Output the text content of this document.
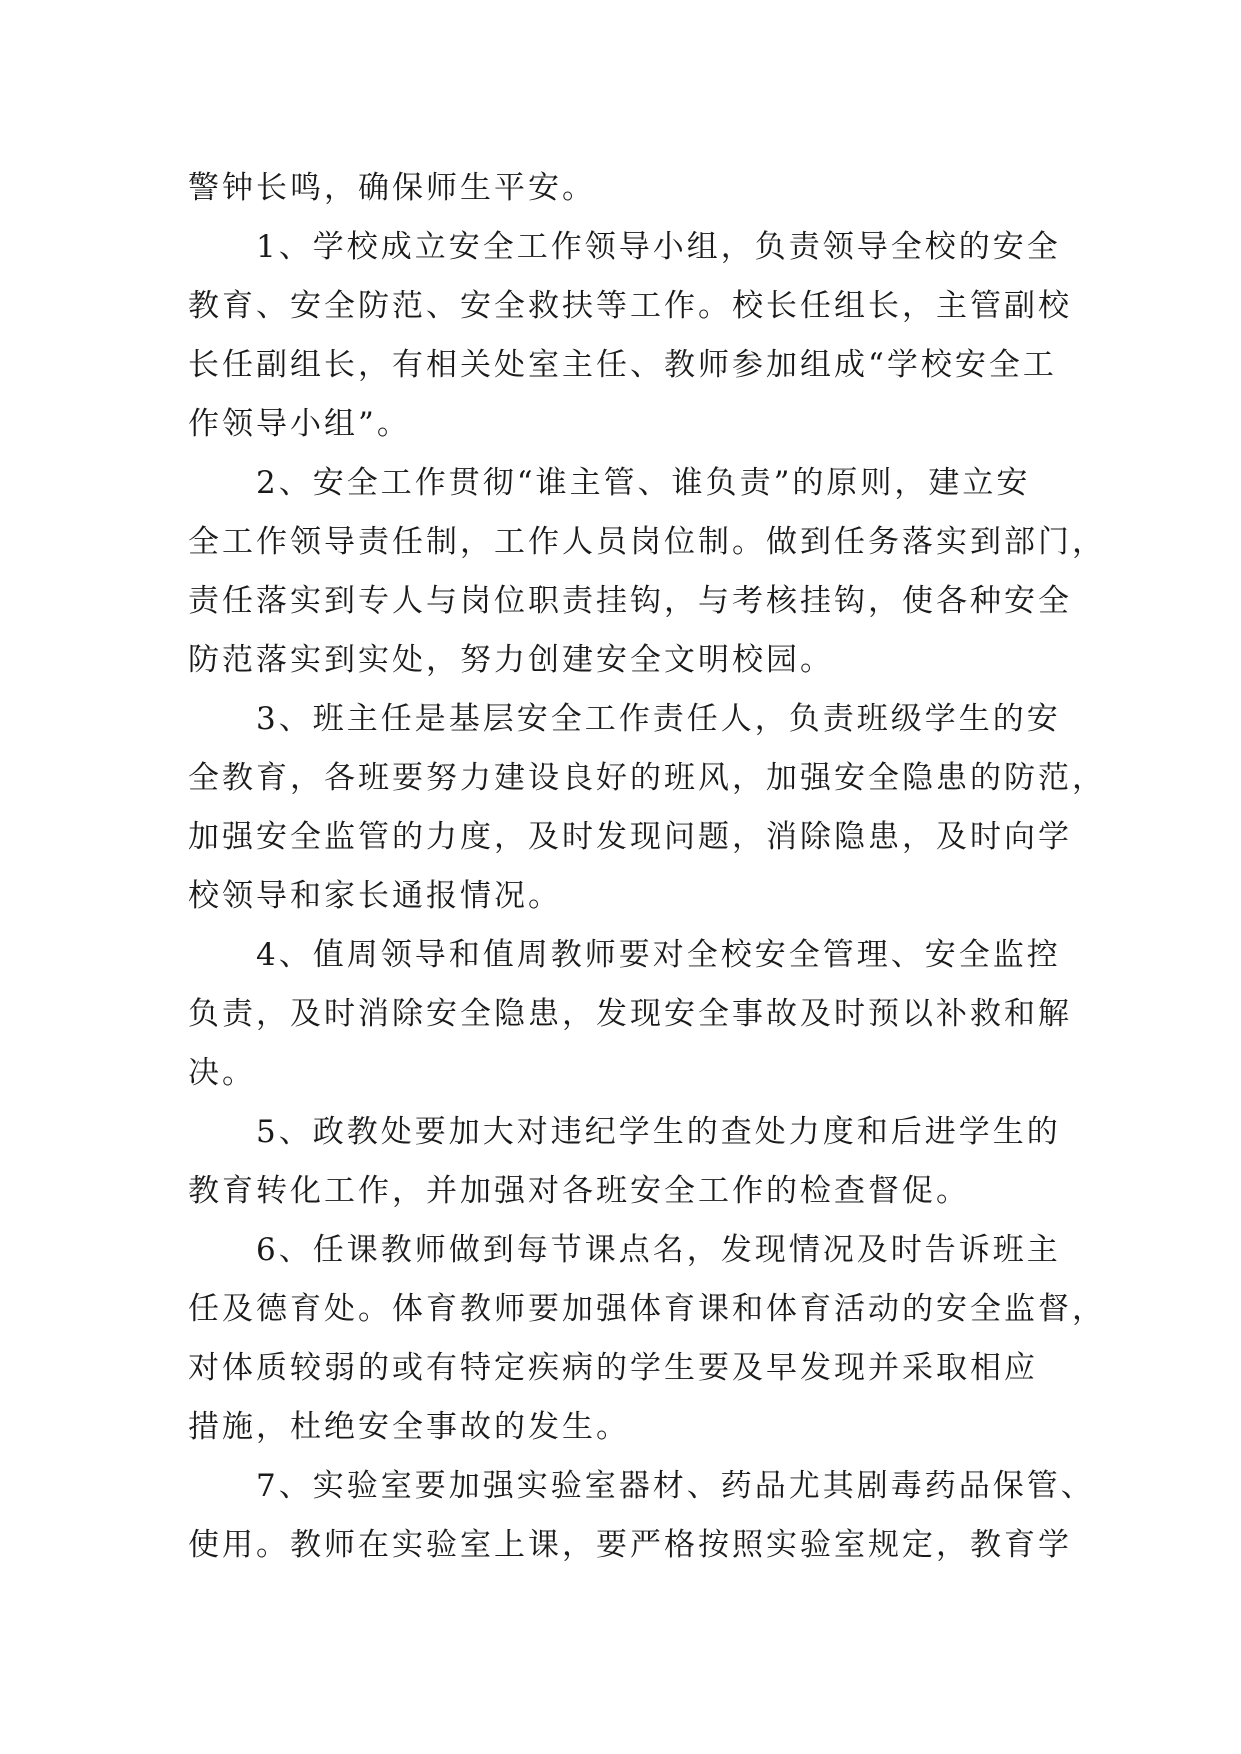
警钟长鸣，确保师生平安。
　　1、学校成立安全工作领导小组，负责领导全校的安全
教育、安全防范、安全救扶等工作。校长任组长，主管副校
长任副组长，有相关处室主任、教师参加组成“学校安全工
作领导小组”。
　　2、安全工作贯彻“谁主管、谁负责”的原则，建立安
全工作领导责任制，工作人员岗位制。做到任务落实到部门，
责任落实到专人与岗位职责挂钩，与考核挂钩，使各种安全
防范落实到实处，努力创建安全文明校园。
　　3、班主任是基层安全工作责任人，负责班级学生的安
全教育，各班要努力建设良好的班风，加强安全隐患的防范，
加强安全监管的力度，及时发现问题，消除隐患，及时向学
校领导和家长通报情况。
　　4、值周领导和值周教师要对全校安全管理、安全监控
负责，及时消除安全隐患，发现安全事故及时预以补救和解
决。
　　5、政教处要加大对违纪学生的查处力度和后进学生的
教育转化工作，并加强对各班安全工作的检查督促。
　　6、任课教师做到每节课点名，发现情况及时告诉班主
任及德育处。体育教师要加强体育课和体育活动的安全监督，
对体质较弱的或有特定疾病的学生要及早发现并采取相应
措施，杜绝安全事故的发生。
　　7、实验室要加强实验室器材、药品尤其剧毒药品保管、
使用。教师在实验室上课，要严格按照实验室规定，教育学
